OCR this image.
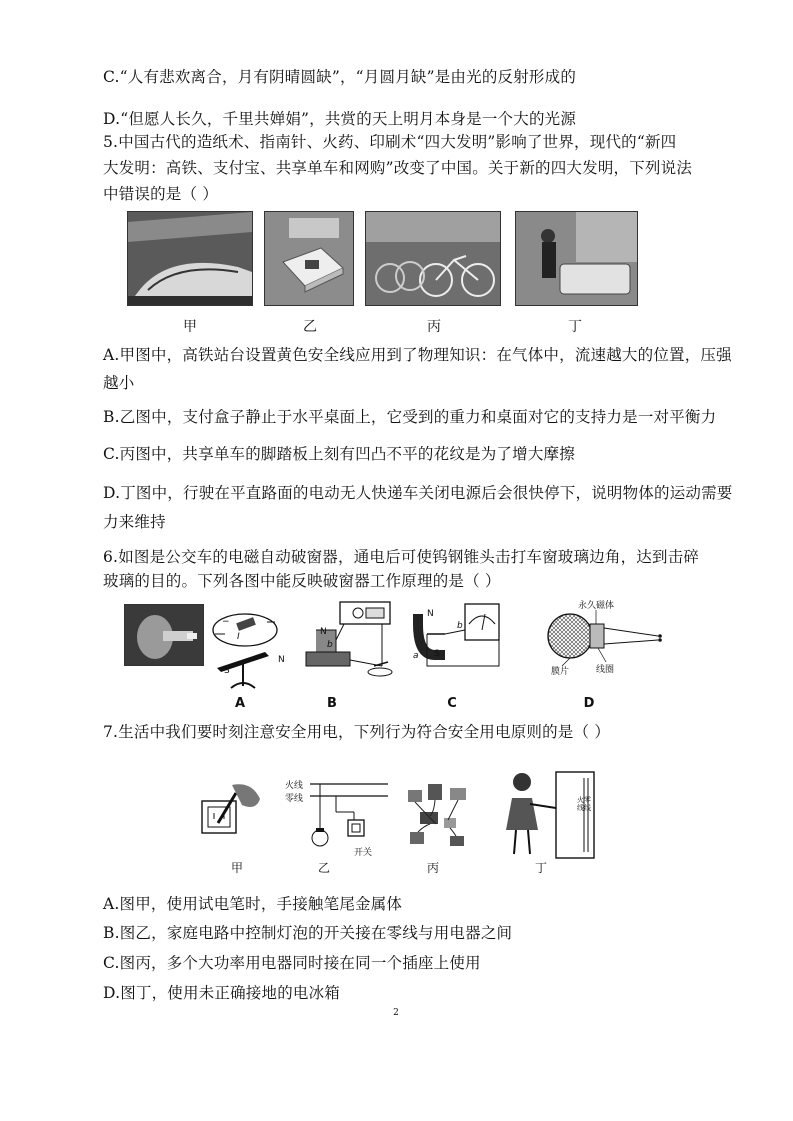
C.“人有悲欢离合，月有阴晴圆缺”，“月圆月缺”是由光的反射形成的
D.“但愿人长久，千里共婵娟”，共赏的天上明月本身是一个大的光源
5.中国古代的造纸术、指南针、火药、印刷术“四大发明”影响了世界，现代的“新四
大发明：高铁、支付宝、共享单车和网购”改变了中国。关于新的四大发明，下列说法
中错误的是（ ）
甲	乙	丙	丁
A.甲图中，高铁站台设置黄色安全线应用到了物理知识：在气体中，流速越大的位置，压强
越小
B.乙图中，支付盒子静止于水平桌面上，它受到的重力和桌面对它的支持力是一对平衡力
C.丙图中，共享单车的脚踏板上刻有凹凸不平的花纹是为了增大摩擦
D.丁图中，行驶在平直路面的电动无人快递车关闭电源后会很快停下，说明物体的运动需要
力来维持
6.如图是公交车的电磁自动破窗器，通电后可使钨钢锥头击打车窗玻璃边角，达到击碎
玻璃的目的。下列各图中能反映破窗器工作原理的是（ ）
−
I
S
N
N
b
N
S
a
b
永久磁体
膜片	线圈
A	B	C	D
7.生活中我们要时刻注意安全用电，下列行为符合安全用电原则的是（ ）
火线
零线
开关
火零
线线
甲	乙	丙	丁
A.图甲，使用试电笔时，手接触笔尾金属体
B.图乙，家庭电路中控制灯泡的开关接在零线与用电器之间
C.图丙，多个大功率用电器同时接在同一个插座上使用
D.图丁，使用未正确接地的电冰箱
2
